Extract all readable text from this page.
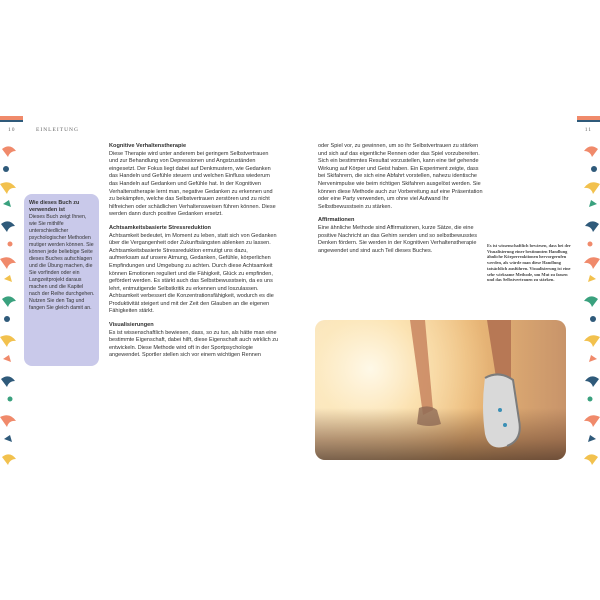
10	EINLEITUNG
Wie dieses Buch zu verwenden ist

Dieses Buch zeigt Ihnen, wie Sie mithilfe unterschiedlicher psychologischer Methoden mutiger werden können. Sie können jede beliebige Seite dieses Buches aufschlagen und die Übung machen, die Sie vorfinden oder ein Langzeitprojekt daraus machen und die Kapitel nach der Reihe durchgehen. Nutzen Sie den Tag und fangen Sie gleich damit an.

11
Kognitive Verhaltenstherapie

Diese Therapie wird unter anderem bei geringem Selbstvertrauen und zur Behandlung von Depressionen und Angstzuständen eingesetzt. Der Fokus liegt dabei auf Denkmustern, wie Gedanken das Handeln und Gefühle steuern und welchen Einfluss wiederum das Handeln auf Gedanken und Gefühle hat. In der Kognitiven Verhaltenstherapie lernt man, negative Gedanken zu erkennen und zu bekämpfen, welche das Selbstvertrauen zerstören und zu nicht hilfreichen oder schädlichen Verhaltensweisen führen können. Diese werden dann durch positive Gedanken ersetzt.

Achtsamkeitsbasierte Stressreduktion

Achtsamkeit bedeutet, im Moment zu leben, statt sich von Gedanken über die Vergangenheit oder Zukunftsängsten ablenken zu lassen. Achtsamkeitsbasierte Stressreduktion ermutigt uns dazu, aufmerksam auf unsere Atmung, Gedanken, Gefühle, körperlichen Empfindungen und Umgebung zu achten. Durch diese Achtsamkeit können Emotionen reguliert und die Fähigkeit, Glück zu empfinden, gefördert werden. Es stärkt auch das Selbstbewusstsein, da es uns lehrt, entmutigende Selbstkritik zu erkennen und loszulassen. Achtsamkeit verbessert die Konzentrationsfähigkeit, wodurch es die Produktivität steigert und mit der Zeit den Glauben an die eigenen Fähigkeiten stärkt.

Visualisierungen

Es ist wissenschaftlich bewiesen, dass, so zu tun, als hätte man eine bestimmte Eigenschaft, dabei hilft, diese Eigenschaft auch wirklich zu entwickeln. Diese Methode wird oft in der Sportpsychologie angewendet. Sportler stellen sich vor einem wichtigen Rennen

oder Spiel vor, zu gewinnen, um so ihr Selbstvertrauen zu stärken und sich auf das eigentliche Rennen oder das Spiel vorzubereiten. Sich ein bestimmtes Resultat vorzustellen, kann eine tief gehende Wirkung auf Körper und Geist haben. Ein Experiment zeigte, dass bei Skifahrern, die sich eine Abfahrt vorstellen, nahezu identische Nervenimpulse wie beim richtigen Skifahren ausgelöst werden. Sie können diese Methode auch zur Vorbereitung auf eine Präsentation oder eine Party verwenden, um ohne viel Aufwand Ihr Selbstbewusstsein zu stärken.

Affirmationen

Eine ähnliche Methode sind Affirmationen, kurze Sätze, die eine positive Nachricht an das Gehirn senden und so selbstbewusstes Denken fördern. Sie werden in der Kognitiven Verhaltenstherapie angewendet und sind auch Teil dieses Buches.

Es ist wissenschaftlich bewiesen, dass bei der Visualisierung einer bestimmten Handlung ähnliche Körperreaktionen hervorgerufen werden, als würde man diese Handlung tatsächlich ausführen. Visualisierung ist eine sehr wirksame Methode, um Mut zu fassen und das Selbstvertrauen zu stärken.
